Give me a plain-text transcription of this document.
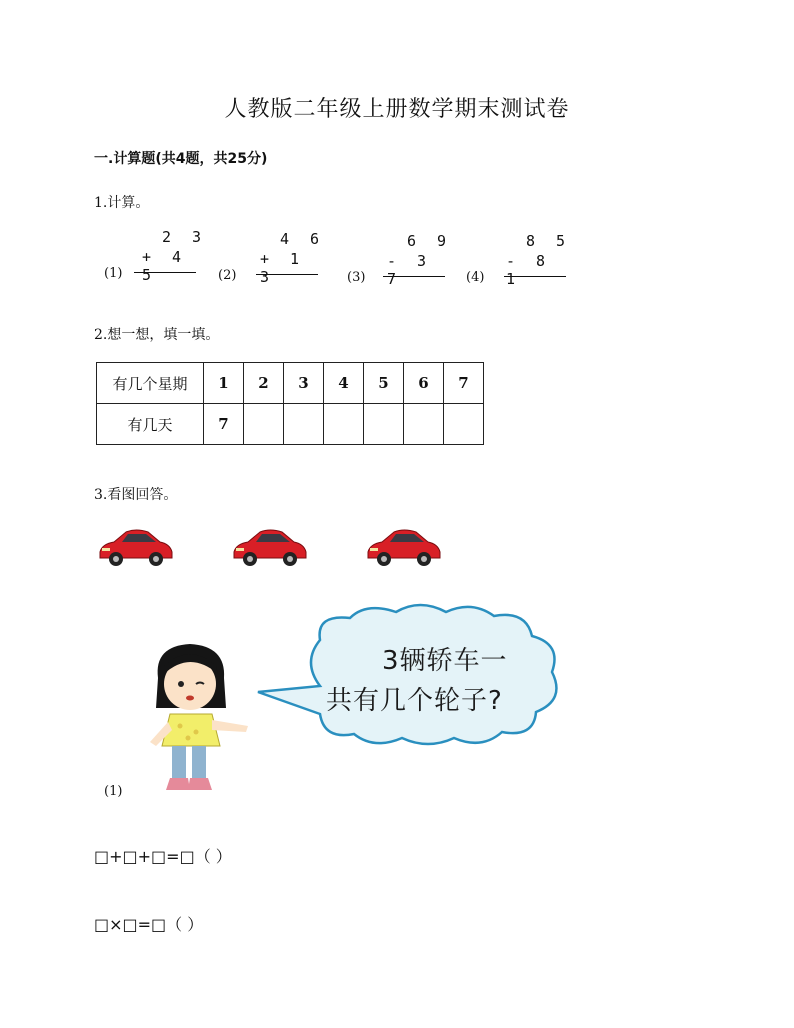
人教版二年级上册数学期末测试卷
一.计算题(共4题，共25分)
1.计算。
(1)
2 3
+ 4 5	(2)
4 6
+ 1 3	(3)
6 9
- 3 7	(4)
8 5
- 8 1
2.想一想，填一填。
有几个星期	1	2	3	4	5	6	7
有几天	7						
3.看图回答。
3辆轿车一
共有几个轮子?
(1)
□+□+□=□（ ）
□×□=□（ ）
